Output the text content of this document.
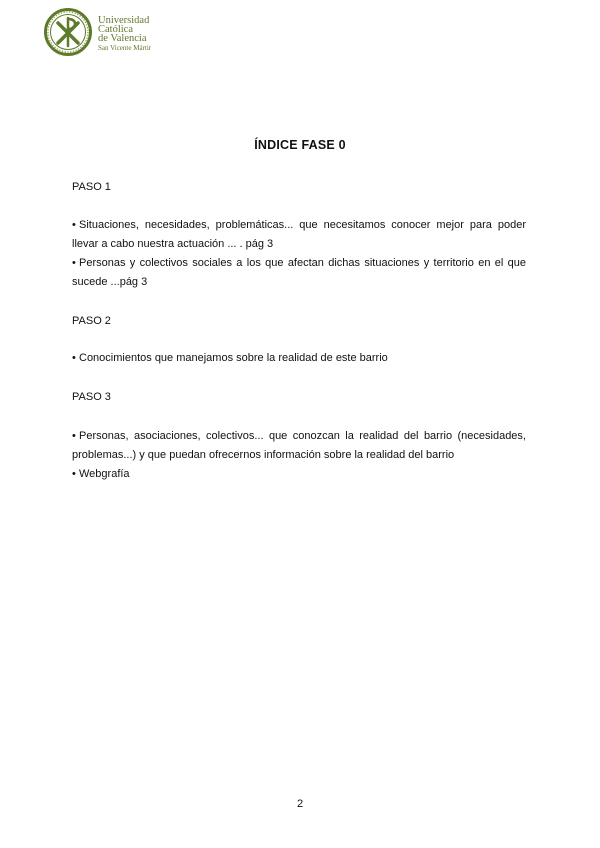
Universidad
Católica
de Valencia
San Vicente Mártir
ÍNDICE FASE 0
PASO 1
• Situaciones, necesidades, problemáticas... que necesitamos conocer mejor para poder llevar a cabo nuestra actuación ... . pág 3
• Personas y colectivos sociales a los que afectan dichas situaciones y territorio en el que sucede ...pág 3
PASO 2
• Conocimientos que manejamos sobre la realidad de este barrio
PASO 3
• Personas, asociaciones, colectivos... que conozcan la realidad del barrio (necesidades, problemas...) y que puedan ofrecernos información sobre la realidad del barrio
• Webgrafía
2
